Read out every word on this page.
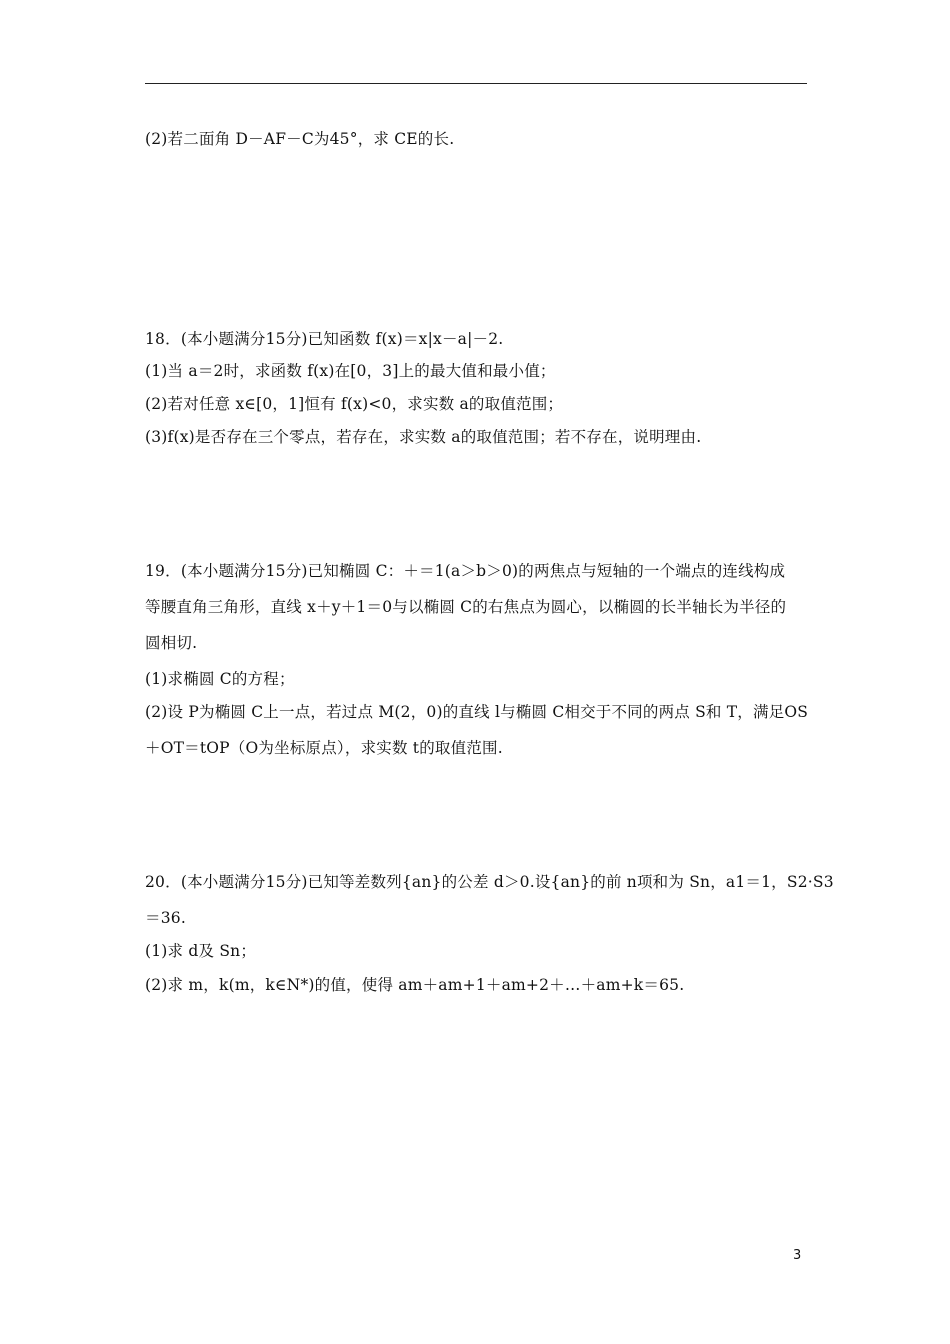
(2)若二面角 D－AF－C为45°，求 CE的长.
18．(本小题满分15分)已知函数 f(x)＝x|x－a|－2.
(1)当 a＝2时，求函数 f(x)在[0，3]上的最大值和最小值；
(2)若对任意 x∈[0，1]恒有 f(x)<0，求实数 a的取值范围；
(3)f(x)是否存在三个零点，若存在，求实数 a的取值范围；若不存在，说明理由.
19．(本小题满分15分)已知椭圆 C：＋＝1(a＞b＞0)的两焦点与短轴的一个端点的连线构成
等腰直角三角形，直线 x＋y＋1＝0与以椭圆 C的右焦点为圆心，以椭圆的长半轴长为半径的
圆相切.
(1)求椭圆 C的方程；
(2)设 P为椭圆 C上一点，若过点 M(2，0)的直线 l与椭圆 C相交于不同的两点 S和 T，满足OS
＋OT＝tOP（O为坐标原点），求实数 t的取值范围.
20．(本小题满分15分)已知等差数列{an}的公差 d＞0.设{an}的前 n项和为 Sn，a1＝1，S2·S3
＝36.
(1)求 d及 Sn；
(2)求 m，k(m，k∈N*)的值，使得 am＋am+1＋am+2＋…＋am+k＝65.
3
